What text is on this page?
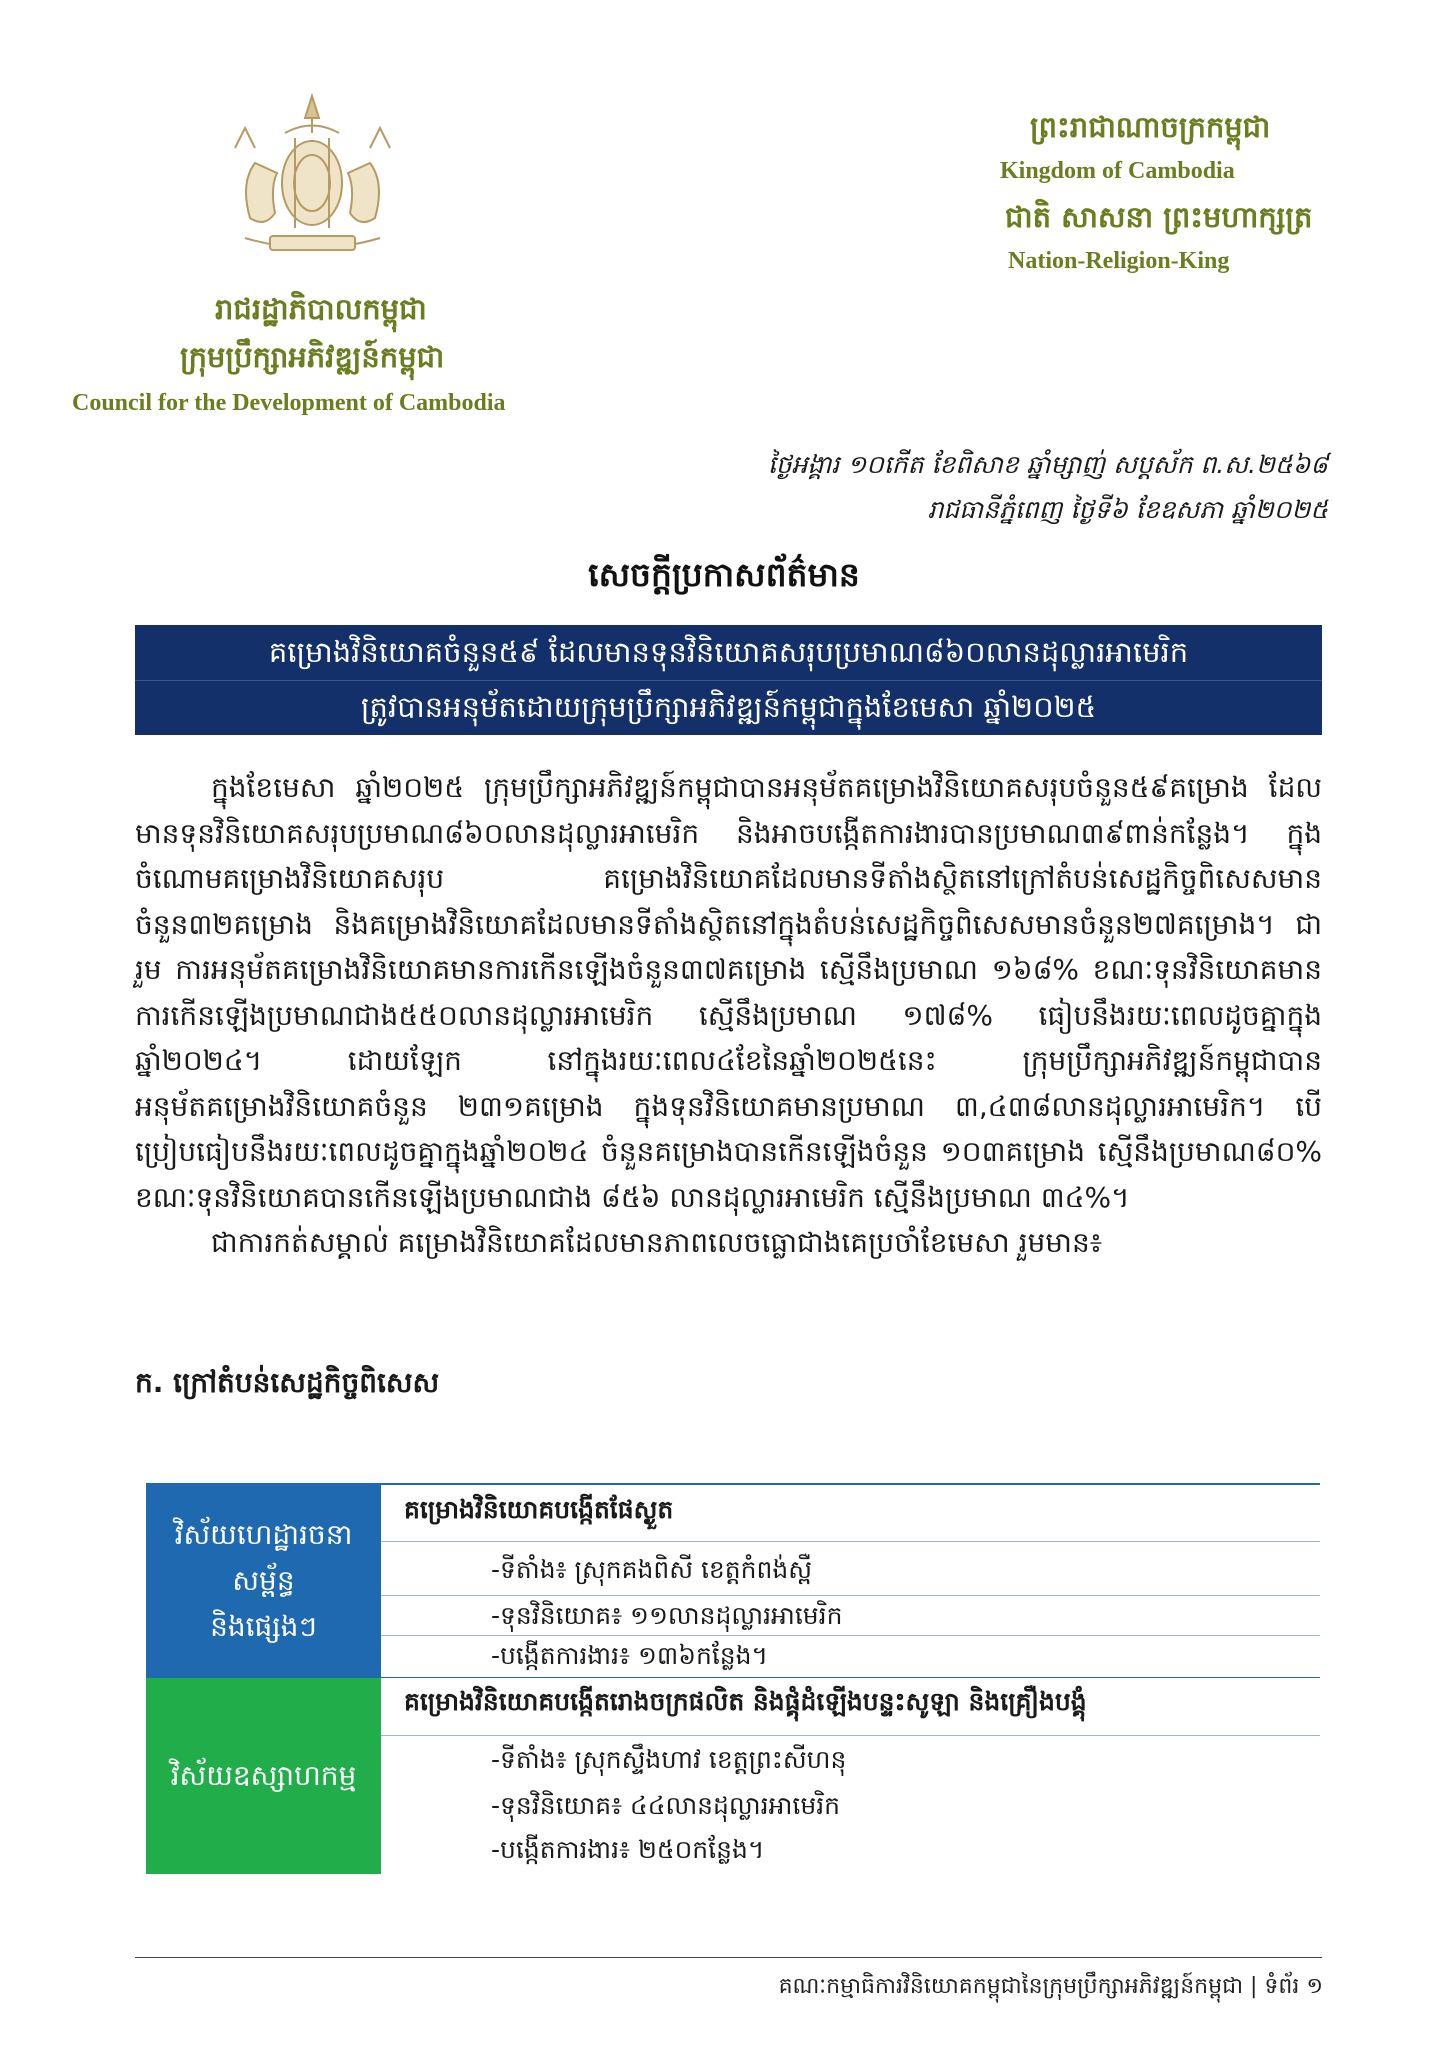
រាជរដ្ឋាភិបាលកម្ពុជា
ក្រុមប្រឹក្សាអភិវឌ្ឍន៍កម្ពុជា
Council for the Development of Cambodia
ព្រះរាជាណាចក្រកម្ពុជា
Kingdom of Cambodia
ជាតិ សាសនា ព្រះមហាក្សត្រ
Nation-Religion-King
ថ្ងៃអង្គារ ១០កើត ខែពិសាខ ឆ្នាំម្សាញ់ សប្តស័ក ព.ស.២៥៦៨
រាជធានីភ្នំពេញ ថ្ងៃទី៦ ខែឧសភា ឆ្នាំ២០២៥
សេចក្តីប្រកាសព័ត៌មាន
គម្រោងវិនិយោគចំនួន៥៩ ដែលមានទុនវិនិយោគសរុបប្រមាណ៨៦០លានដុល្លារអាមេរិក
ត្រូវបានអនុម័តដោយក្រុមប្រឹក្សាអភិវឌ្ឍន៍កម្ពុជាក្នុងខែមេសា ឆ្នាំ២០២៥

ក្នុងខែមេសា ឆ្នាំ២០២៥ ក្រុមប្រឹក្សាអភិវឌ្ឍន៍កម្ពុជាបានអនុម័តគម្រោងវិនិយោគសរុបចំនួន៥៩គម្រោង ដែលមានទុនវិនិយោគសរុបប្រមាណ៨៦០លានដុល្លារអាមេរិក និងអាចបង្កើតការងារបានប្រមាណ៣៩ពាន់កន្លែង។ ក្នុងចំណោមគម្រោងវិនិយោគសរុប គម្រោងវិនិយោគដែលមានទីតាំងស្ថិតនៅក្រៅតំបន់សេដ្ឋកិច្ចពិសេសមានចំនួន៣២គម្រោង និងគម្រោងវិនិយោគដែលមានទីតាំងស្ថិតនៅក្នុងតំបន់សេដ្ឋកិច្ចពិសេសមានចំនួន២៧គម្រោង។ ជារួម ការអនុម័តគម្រោងវិនិយោគមានការកើនឡើងចំនួន៣៧គម្រោង ស្មើនឹងប្រមាណ ១៦៨% ខណៈទុនវិនិយោគមានការកើនឡើងប្រមាណជាង៥៥០លានដុល្លារអាមេរិក ស្មើនឹងប្រមាណ ១៧៨% ធៀបនឹងរយៈពេលដូចគ្នាក្នុងឆ្នាំ២០២៤។ ដោយឡែក នៅក្នុងរយៈពេល៤ខែនៃឆ្នាំ២០២៥នេះ ក្រុមប្រឹក្សាអភិវឌ្ឍន៍កម្ពុជាបានអនុម័តគម្រោងវិនិយោគចំនួន ២៣១គម្រោង ក្នុងទុនវិនិយោគមានប្រមាណ ៣,៤៣៨លានដុល្លារអាមេរិក។ បើប្រៀបធៀបនឹងរយៈពេលដូចគ្នាក្នុងឆ្នាំ២០២៤ ចំនួនគម្រោងបានកើនឡើងចំនួន ១០៣គម្រោង ស្មើនឹងប្រមាណ៨០% ខណៈទុនវិនិយោគបានកើនឡើងប្រមាណជាង ៨៥៦ លានដុល្លារអាមេរិក ស្មើនឹងប្រមាណ ៣៤%។

ជាការកត់សម្គាល់ គម្រោងវិនិយោគដែលមានភាពលេចធ្លោជាងគេប្រចាំខែមេសា រួមមាន៖

ក. ក្រៅតំបន់សេដ្ឋកិច្ចពិសេស
វិស័យហេដ្ឋារចនាសម្ព័ន្ធ
និងផ្សេងៗ
គម្រោងវិនិយោគបង្កើតផែស្ងួត
-ទីតាំង៖ ស្រុកគងពិសី ខេត្តកំពង់ស្ពឺ
-ទុនវិនិយោគ៖ ១១លានដុល្លារអាមេរិក
-បង្កើតការងារ៖ ១៣៦កន្លែង។
វិស័យឧស្សាហកម្ម
គម្រោងវិនិយោគបង្កើតរោងចក្រផលិត និងផ្គុំដំឡើងបន្ទះសូឡា និងគ្រឿងបង្គុំ
-ទីតាំង៖ ស្រុកស្ទឹងហាវ ខេត្តព្រះសីហនុ
-ទុនវិនិយោគ៖ ៤៤លានដុល្លារអាមេរិក
-បង្កើតការងារ៖ ២៥០កន្លែង។
គណៈកម្មាធិការវិនិយោគកម្ពុជានៃក្រុមប្រឹក្សាអភិវឌ្ឍន៍កម្ពុជា | ទំព័រ ១
